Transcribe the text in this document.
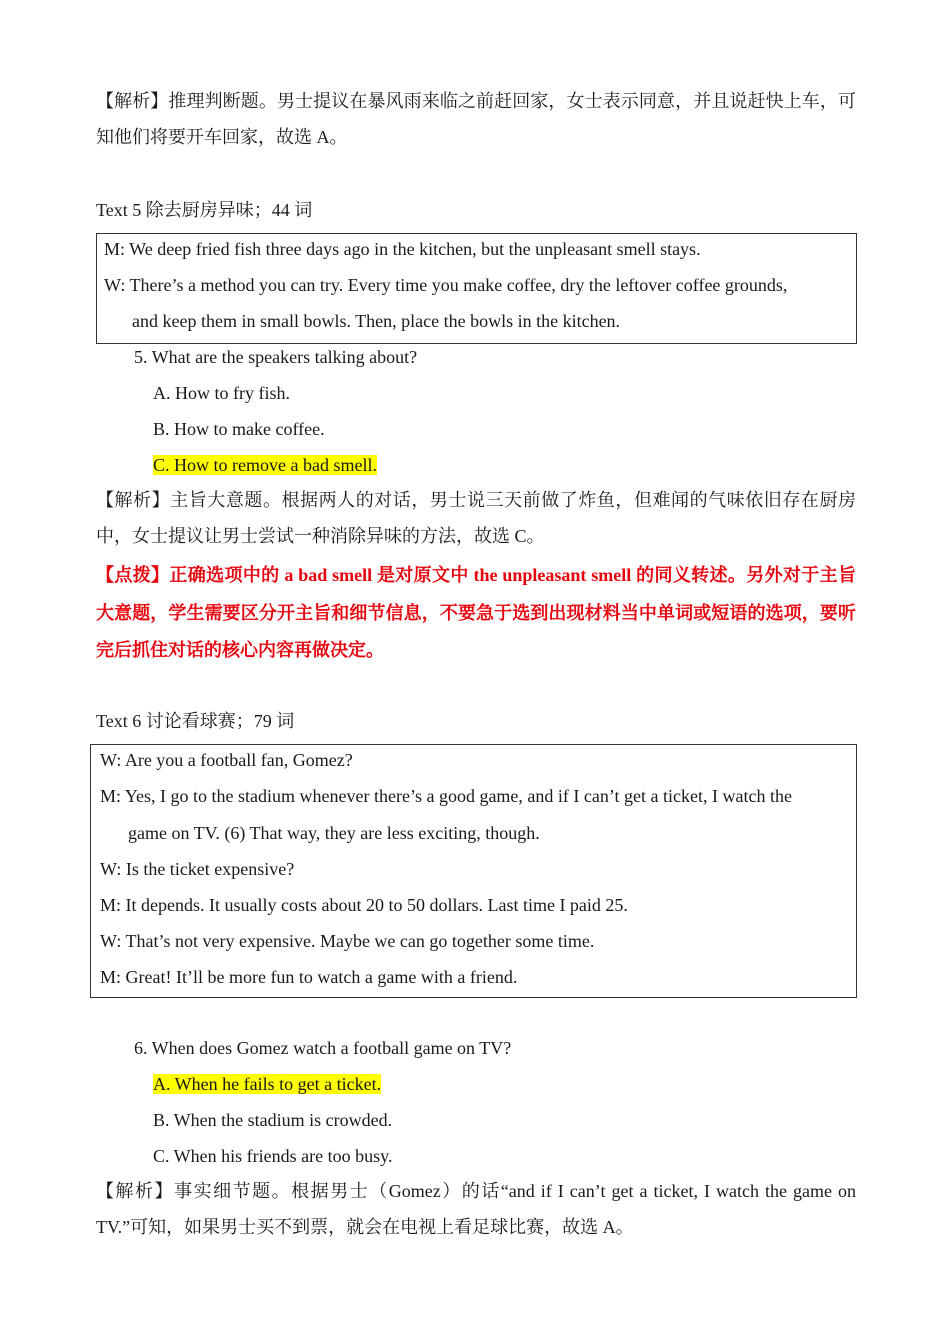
【解析】推理判断题。男士提议在暴风雨来临之前赶回家，女士表示同意，并且说赶快上车，可知他们将要开车回家，故选 A。

Text 5 除去厨房异味；44 词
M: We deep fried fish three days ago in the kitchen, but the unpleasant smell stays.
W: There’s a method you can try. Every time you make coffee, dry the leftover coffee grounds,
and keep them in small bowls. Then, place the bowls in the kitchen.
5. What are the speakers talking about?
A. How to fry fish.
B. How to make coffee.
C. How to remove a bad smell.

【解析】主旨大意题。根据两人的对话，男士说三天前做了炸鱼，但难闻的气味依旧存在厨房中，女士提议让男士尝试一种消除异味的方法，故选 C。

【点拨】正确选项中的 a bad smell 是对原文中 the unpleasant smell 的同义转述。另外对于主旨大意题，学生需要区分开主旨和细节信息，不要急于选到出现材料当中单词或短语的选项，要听完后抓住对话的核心内容再做决定。

Text 6 讨论看球赛；79 词
W: Are you a football fan, Gomez?
M: Yes, I go to the stadium whenever there’s a good game, and if I can’t get a ticket, I watch the
game on TV. (6) That way, they are less exciting, though.
W: Is the ticket expensive?
M: It depends. It usually costs about 20 to 50 dollars. Last time I paid 25.
W: That’s not very expensive. Maybe we can go together some time.
M: Great! It’ll be more fun to watch a game with a friend.
6. When does Gomez watch a football game on TV?
A. When he fails to get a ticket.
B. When the stadium is crowded.
C. When his friends are too busy.

【解析】事实细节题。根据男士（Gomez）的话“and if I can’t get a ticket, I watch the game on TV.”可知，如果男士买不到票，就会在电视上看足球比赛，故选 A。
